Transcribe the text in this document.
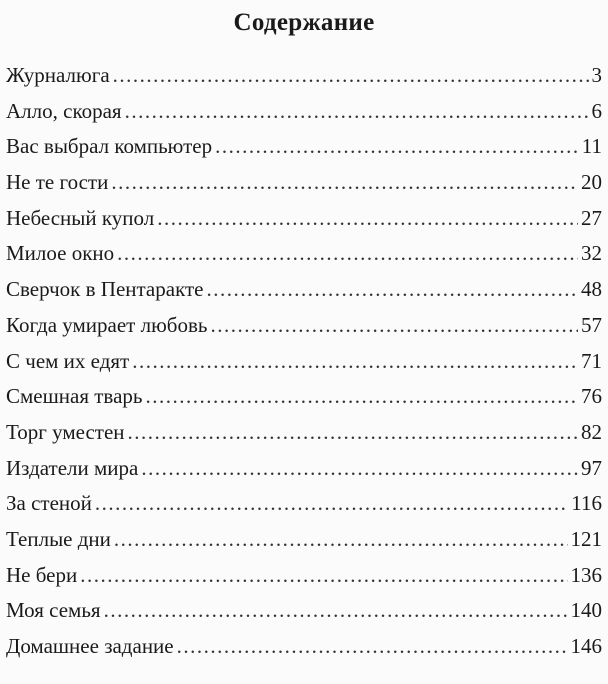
Содержание
Журналюга .....	3
Алло, скорая .....	6
Вас выбрал компьютер .....	11
Не те гости .....	20
Небесный купол .....	27
Милое окно .....	32
Сверчок в Пентаракте .....	48
Когда умирает любовь .....	57
С чем их едят .....	71
Смешная тварь .....	76
Торг уместен .....	82
Издатели мира .....	97
За стеной .....	116
Теплые дни .....	121
Не бери .....	136
Моя семья .....	140
Домашнее задание .....	146
